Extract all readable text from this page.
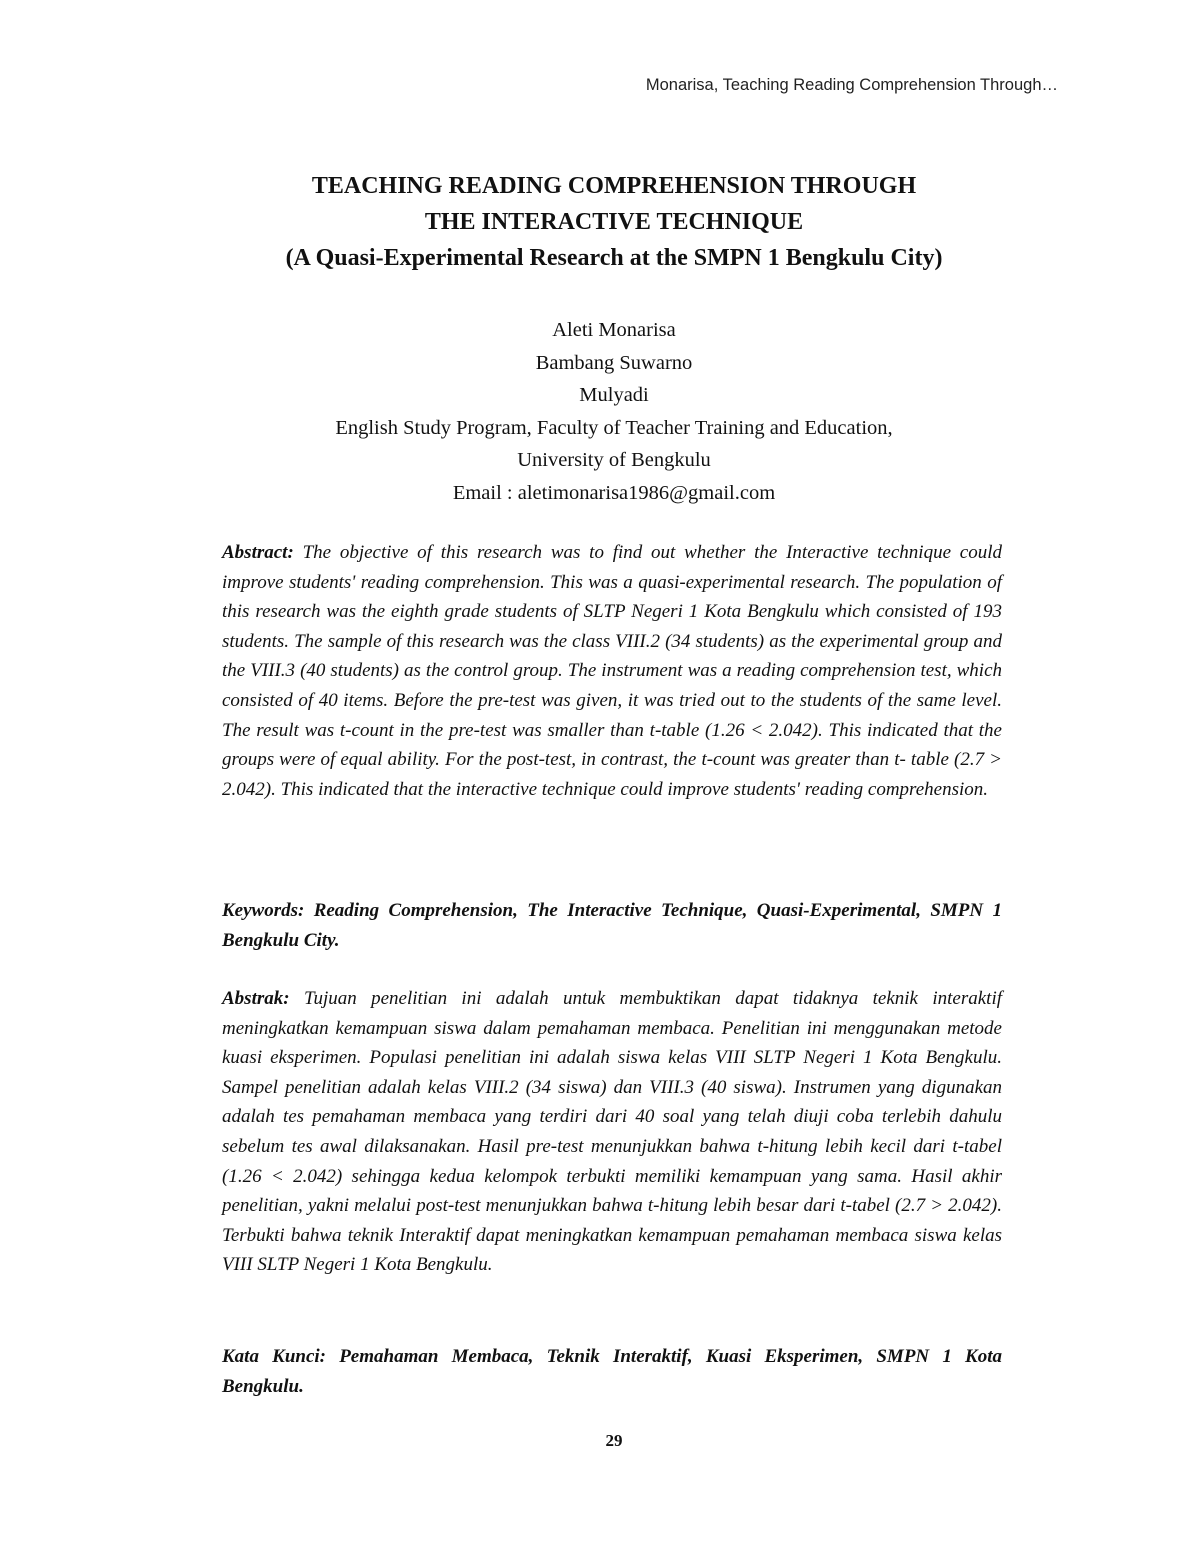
Monarisa, Teaching Reading Comprehension Through…
TEACHING READING COMPREHENSION THROUGH
THE INTERACTIVE TECHNIQUE
(A Quasi-Experimental Research at the SMPN 1 Bengkulu City)
Aleti Monarisa
Bambang Suwarno
Mulyadi
English Study Program, Faculty of Teacher Training and Education,
University of Bengkulu
Email : aletimonarisa1986@gmail.com
Abstract: The objective of this research was to find out whether the Interactive technique could improve students' reading comprehension. This was a quasi-experimental research. The population of this research was the eighth grade students of SLTP Negeri 1 Kota Bengkulu which consisted of 193 students. The sample of this research was the class VIII.2 (34 students) as the experimental group and the VIII.3 (40 students) as the control group. The instrument was a reading comprehension test, which consisted of 40 items. Before the pre-test was given, it was tried out to the students of the same level. The result was t-count in the pre-test was smaller than t-table (1.26 < 2.042). This indicated that the groups were of equal ability. For the post-test, in contrast, the t-count was greater than t- table (2.7 > 2.042). This indicated that the interactive technique could improve students' reading comprehension.
Keywords: Reading Comprehension, The Interactive Technique, Quasi-Experimental, SMPN 1 Bengkulu City.
Abstrak: Tujuan penelitian ini adalah untuk membuktikan dapat tidaknya teknik interaktif meningkatkan kemampuan siswa dalam pemahaman membaca. Penelitian ini menggunakan metode kuasi eksperimen. Populasi penelitian ini adalah siswa kelas VIII SLTP Negeri 1 Kota Bengkulu. Sampel penelitian adalah kelas VIII.2 (34 siswa) dan VIII.3 (40 siswa). Instrumen yang digunakan adalah tes pemahaman membaca yang terdiri dari 40 soal yang telah diuji coba terlebih dahulu sebelum tes awal dilaksanakan. Hasil pre-test menunjukkan bahwa t-hitung lebih kecil dari t-tabel (1.26 < 2.042) sehingga kedua kelompok terbukti memiliki kemampuan yang sama. Hasil akhir penelitian, yakni melalui post-test menunjukkan bahwa t-hitung lebih besar dari t-tabel (2.7 > 2.042). Terbukti bahwa teknik Interaktif dapat meningkatkan kemampuan pemahaman membaca siswa kelas VIII SLTP Negeri 1 Kota Bengkulu.
Kata Kunci: Pemahaman Membaca, Teknik Interaktif, Kuasi Eksperimen, SMPN 1 Kota Bengkulu.
29
